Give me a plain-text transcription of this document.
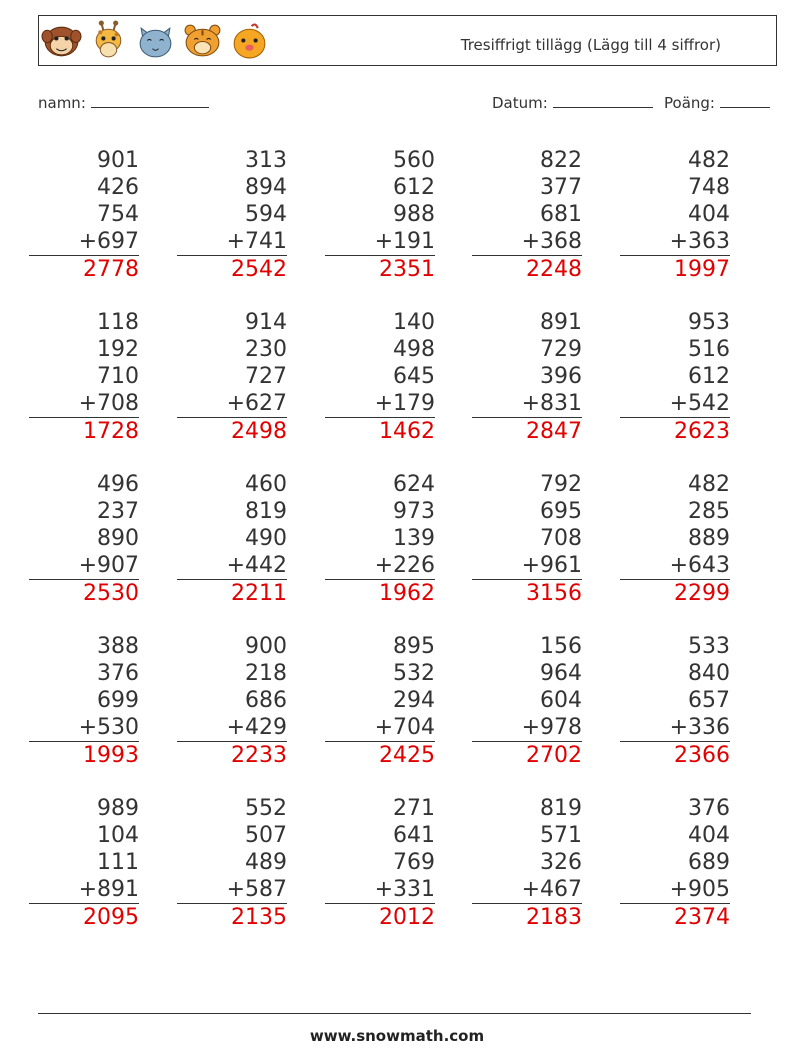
Tresiffrigt tillägg (Lägg till 4 siffror)
namn:	Datum:	Poäng:
901
426
754
+697
2778
313
894
594
+741
2542
560
612
988
+191
2351
822
377
681
+368
2248
482
748
404
+363
1997
118
192
710
+708
1728
914
230
727
+627
2498
140
498
645
+179
1462
891
729
396
+831
2847
953
516
612
+542
2623
496
237
890
+907
2530
460
819
490
+442
2211
624
973
139
+226
1962
792
695
708
+961
3156
482
285
889
+643
2299
388
376
699
+530
1993
900
218
686
+429
2233
895
532
294
+704
2425
156
964
604
+978
2702
533
840
657
+336
2366
989
104
111
+891
2095
552
507
489
+587
2135
271
641
769
+331
2012
819
571
326
+467
2183
376
404
689
+905
2374
www.snowmath.com
